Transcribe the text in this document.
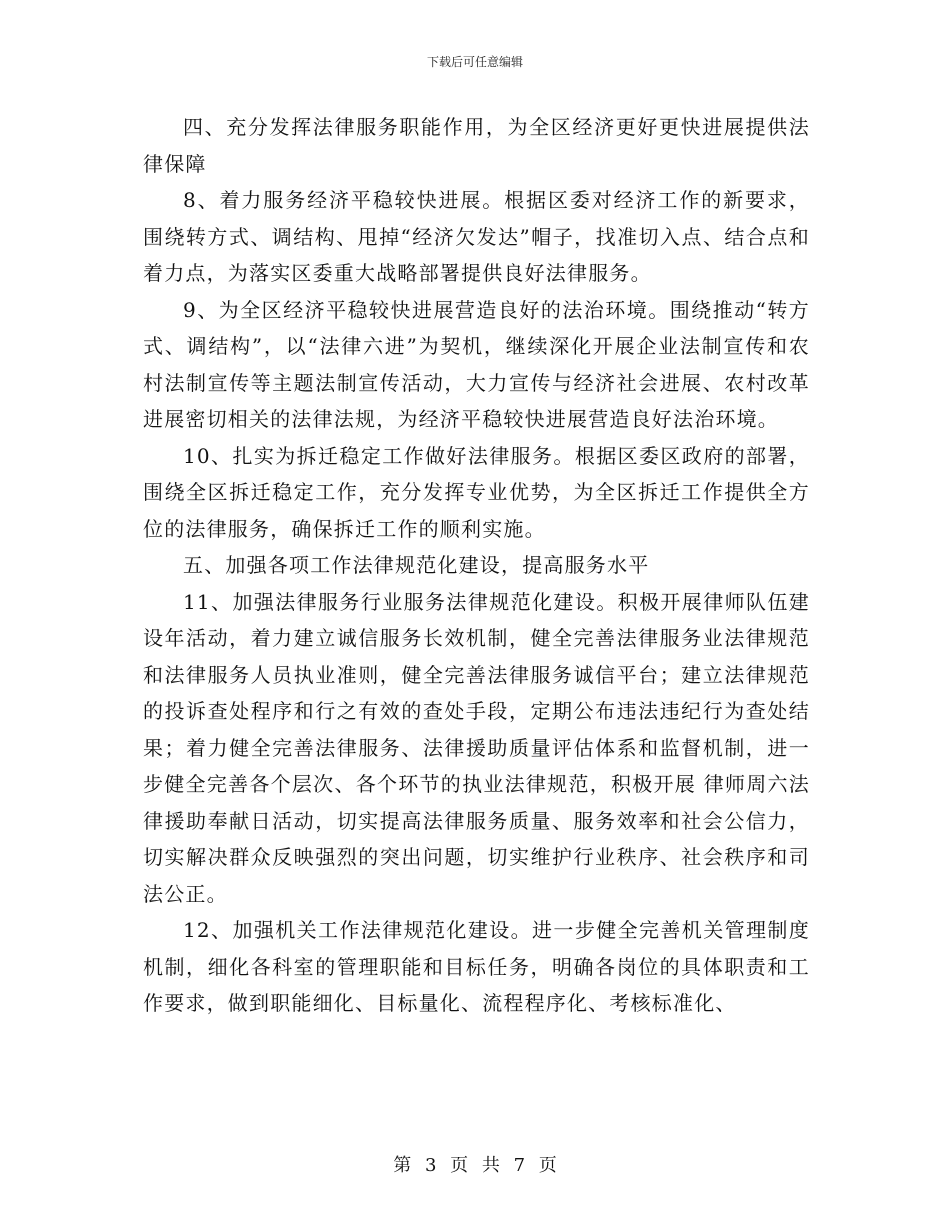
下载后可任意编辑

四、充分发挥法律服务职能作用，为全区经济更好更快进展提供法律保障

8、着力服务经济平稳较快进展。根据区委对经济工作的新要求，围绕转方式、调结构、甩掉“经济欠发达”帽子，找准切入点、结合点和着力点，为落实区委重大战略部署提供良好法律服务。

9、为全区经济平稳较快进展营造良好的法治环境。围绕推动“转方式、调结构”，以“法律六进”为契机，继续深化开展企业法制宣传和农村法制宣传等主题法制宣传活动，大力宣传与经济社会进展、农村改革进展密切相关的法律法规，为经济平稳较快进展营造良好法治环境。

10、扎实为拆迁稳定工作做好法律服务。根据区委区政府的部署，围绕全区拆迁稳定工作，充分发挥专业优势，为全区拆迁工作提供全方位的法律服务，确保拆迁工作的顺利实施。

五、加强各项工作法律规范化建设，提高服务水平

11、加强法律服务行业服务法律规范化建设。积极开展律师队伍建设年活动，着力建立诚信服务长效机制，健全完善法律服务业法律规范和法律服务人员执业准则，健全完善法律服务诚信平台；建立法律规范的投诉查处程序和行之有效的查处手段，定期公布违法违纪行为查处结果；着力健全完善法律服务、法律援助质量评估体系和监督机制，进一步健全完善各个层次、各个环节的执业法律规范，积极开展 律师周六法律援助奉献日活动，切实提高法律服务质量、服务效率和社会公信力，切实解决群众反映强烈的突出问题，切实维护行业秩序、社会秩序和司法公正。

12、加强机关工作法律规范化建设。进一步健全完善机关管理制度机制，细化各科室的管理职能和目标任务，明确各岗位的具体职责和工作要求，做到职能细化、目标量化、流程程序化、考核标准化、

第 3 页 共 7 页
